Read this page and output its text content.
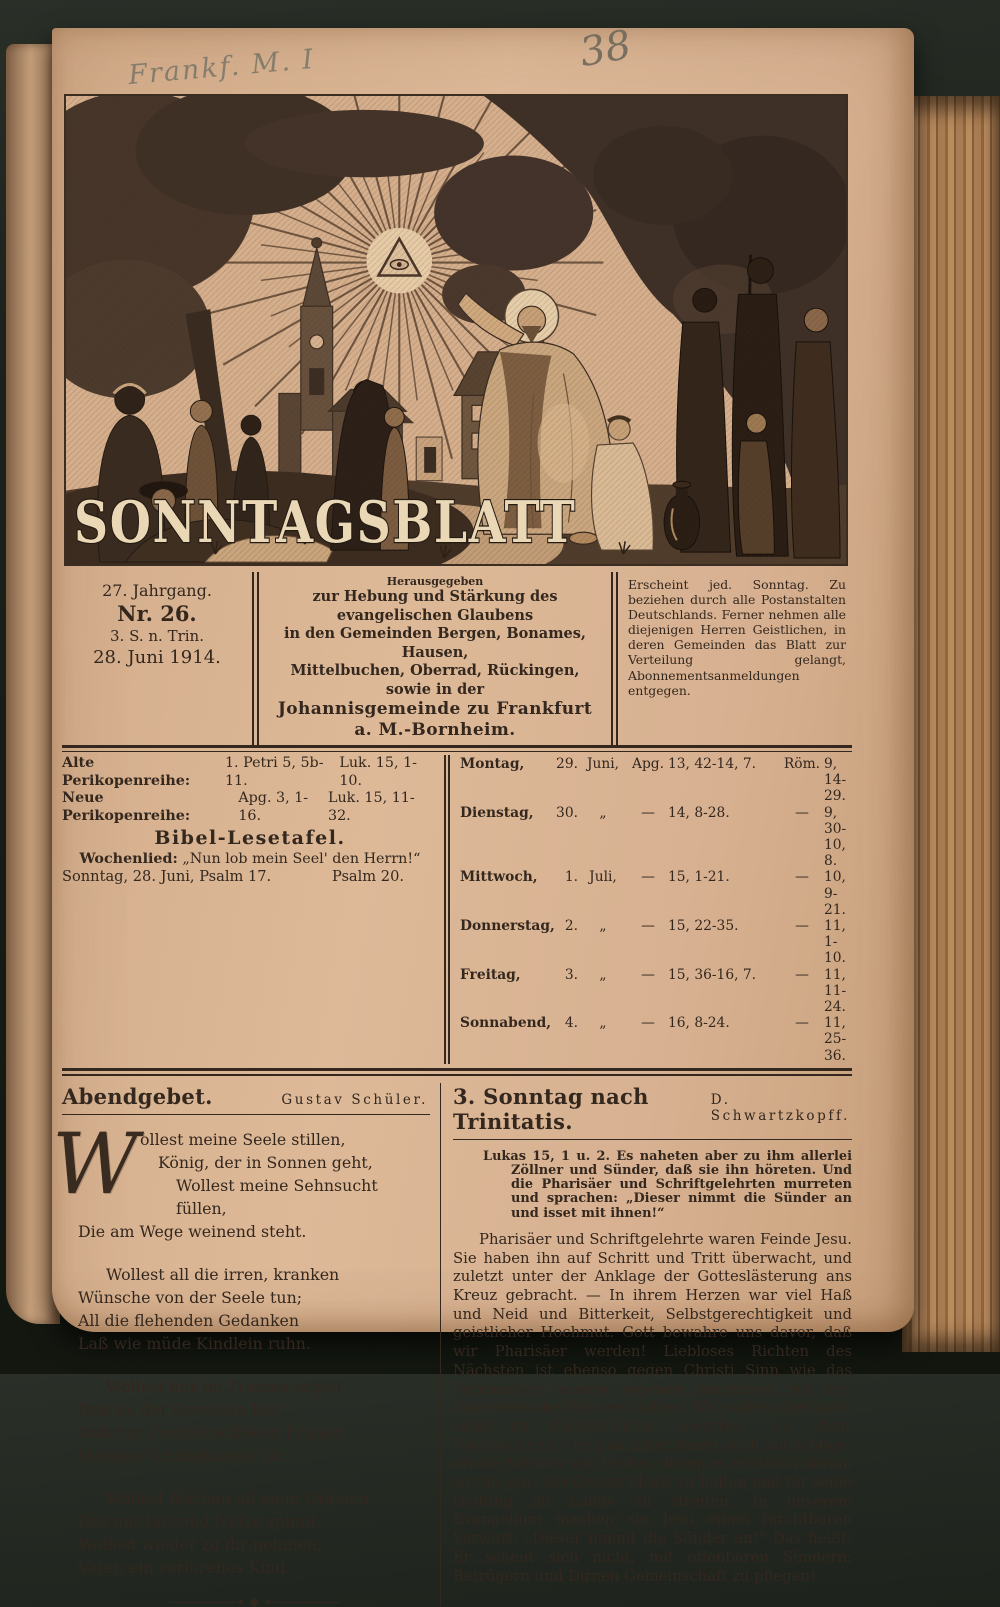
Frankf. M. I	38
SONNTAGSBLATT
27. Jahrgang.
Nr. 26.
3. S. n. Trin.
28. Juni 1914.
Herausgegeben
zur Hebung und Stärkung des evangelischen Glaubens
in den Gemeinden Bergen, Bonames, Hausen,
Mittelbuchen, Oberrad, Rückingen, sowie in der
Johannisgemeinde zu Frankfurt a. M.-Bornheim.
Erscheint jed. Sonntag. Zu beziehen durch alle Postanstalten Deutschlands. Ferner nehmen alle diejenigen Herren Geistlichen, in deren Gemeinden das Blatt zur Verteilung gelangt, Abonnementsanmeldungen entgegen.
Alte Perikopenreihe:
1. Petri 5, 5b-11.
Luk. 15, 1-10.
Neue Perikopenreihe:
Apg. 3, 1-16.
Luk. 15, 11-32.
Bibel-Lesetafel.
Wochenlied: „Nun lob mein Seel' den Herrn!“
Sonntag, 28. Juni, Psalm 17.	Psalm 20.
Montag,	29. Juni, Apg. 13, 42-14, 7.	Röm. 9, 14-29.
Dienstag,	30.	„	— 14, 8-28.	—	9, 30-10, 8.
Mittwoch,	1. Juli,	— 15, 1-21.	—	10, 9-21.
Donnerstag, 2.	„	— 15, 22-35.	—	11, 1-10.
Freitag,	3.	„	— 15, 36-16, 7.	—	11, 11-24.
Sonnabend, 4.	„	— 16, 8-24.	—	11, 25-36.
Abendgebet.	Gustav Schüler.
W ollest meine Seele stillen,
König, der in Sonnen geht,
Wollest meine Sehnsucht füllen,
Die am Wege weinend steht.

Wollest all die irren, kranken
Wünsche von der Seele tun;
All die flehenden Gedanken
Laß wie müde Kindlein ruhn.

Wollest mir im Traume sagen,
Daß du der Gerechte bist,
Daß der Zweifel wühlend Fragen
Morgen Triumphieren ist.

Wollest löschen all mein Grämen,
Das mir tausend Netze spinnt.
Wollest wieder zu dir nehmen,
Vater, ein verlorenes Kind.

3. Sonntag nach Trinitatis.
D. Schwartzkopff.

Lukas 15, 1 u. 2. Es naheten aber zu ihm allerlei Zöllner und Sünder, daß sie ihn höreten. Und die Pharisäer und Schriftgelehrten murreten und sprachen: „Dieser nimmt die Sünder an und isset mit ihnen!“

Pharisäer und Schriftgelehrte waren Feinde Jesu. Sie haben ihn auf Schritt und Tritt überwacht, und zuletzt unter der Anklage der Gotteslästerung ans Kreuz gebracht. — In ihrem Herzen war viel Haß und Neid und Bitterkeit, Selbstgerechtigkeit und geistlicher Hochmut. Gott bewahre uns davor, daß wir Pharisäer werden! Liebloses Richten des Nächsten ist ebenso gegen Christi Sinn wie das Vermischen unserer eigenen Interessen mit den Interessen des Reiches Gottes! Wir wollen aber auch nicht zu Pharisäern werden an den Pharisäern! Es gab unter ihnen auch aufrichtige, ernste Männer wie Paulus, denen es ernstlich darum zu tun war, das Gesetz Mosis zu halten und für seine Geltung im Lande zu streiten. In unserem Evangelium machen sie Jesu einen furchtbaren Vorwurf: „Dieser nimmt die Sünder an!“ Das heißt: Er scheut sich nicht, mit offenbaren Sündern: Betrügern und Dirnen Gemeinschaft zu pflegen!
